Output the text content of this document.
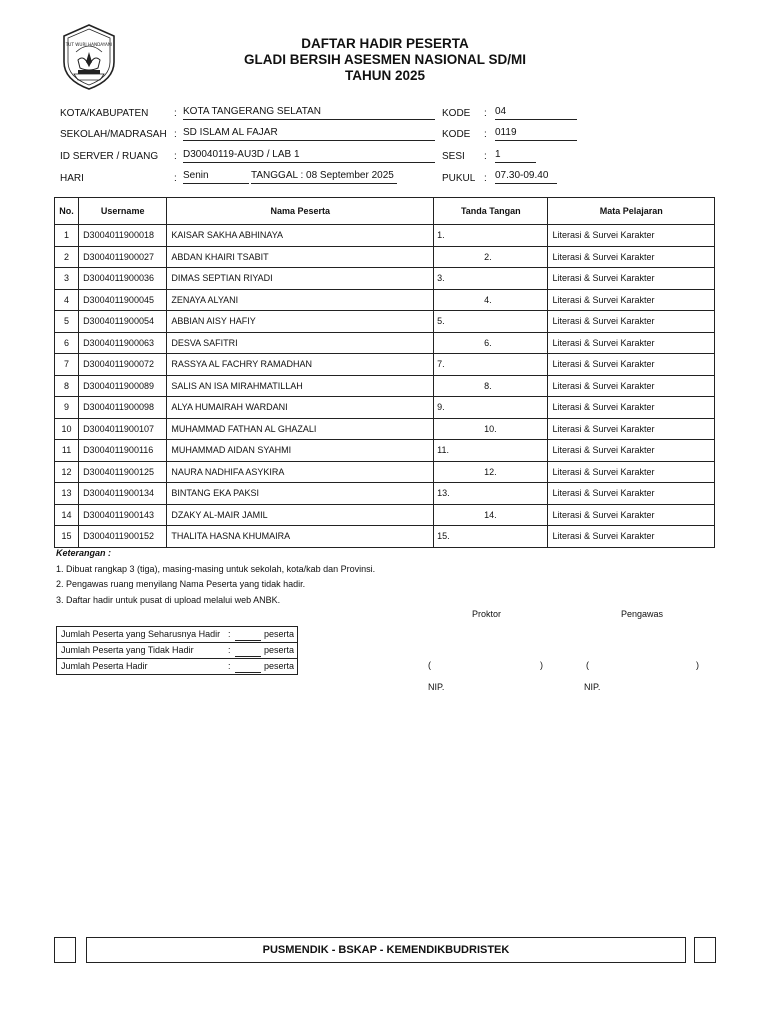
TUT WURI HANDAYANI	DAFTAR HADIR PESERTA
GLADI BERSIH ASESMEN NASIONAL SD/MI
TAHUN 2025
KOTA/KABUPATEN	: KOTA TANGERANG SELATAN
SEKOLAH/MADRASAH : SD ISLAM AL FAJAR
ID SERVER / RUANG : D30040119-AU3D / LAB 1
HARI	: Senin	TANGGAL : 08 September 2025
KODE : 04
KODE : 0119
SESI : 1
PUKUL : 07.30-09.40
No.	Username	Nama Peserta	Tanda Tangan	Mata Pelajaran
1	D3004011900018	KAISAR SAKHA ABHINAYA	1.	Literasi & Survei Karakter
2	D3004011900027	ABDAN KHAIRI TSABIT	2.	Literasi & Survei Karakter
3	D3004011900036	DIMAS SEPTIAN RIYADI	3.	Literasi & Survei Karakter
4	D3004011900045	ZENAYA ALYANI	4.	Literasi & Survei Karakter
5	D3004011900054	ABBIAN AISY HAFIY	5.	Literasi & Survei Karakter
6	D3004011900063	DESVA SAFITRI	6.	Literasi & Survei Karakter
7	D3004011900072	RASSYA AL FACHRY RAMADHAN	7.	Literasi & Survei Karakter
8	D3004011900089	SALIS AN ISA MIRAHMATILLAH	8.	Literasi & Survei Karakter
9	D3004011900098	ALYA HUMAIRAH WARDANI	9.	Literasi & Survei Karakter
10	D3004011900107	MUHAMMAD FATHAN AL GHAZALI	10.	Literasi & Survei Karakter
11	D3004011900116	MUHAMMAD AIDAN SYAHMI	11.	Literasi & Survei Karakter
12	D3004011900125	NAURA NADHIFA ASYKIRA	12.	Literasi & Survei Karakter
13	D3004011900134	BINTANG EKA PAKSI	13.	Literasi & Survei Karakter
14	D3004011900143	DZAKY AL-MAIR JAMIL	14.	Literasi & Survei Karakter
15	D3004011900152	THALITA HASNA KHUMAIRA	15.	Literasi & Survei Karakter
Keterangan :
1. Dibuat rangkap 3 (tiga), masing-masing untuk sekolah, kota/kab dan Provinsi.
2. Pengawas ruang menyilang Nama Peserta yang tidak hadir.
3. Daftar hadir untuk pusat di upload melalui web ANBK.
Jumlah Peserta yang Seharusnya Hadir :	peserta
Jumlah Peserta yang Tidak Hadir	:	peserta
Jumlah Peserta Hadir	:	peserta
Proktor	Pengawas
(	)	(	)
NIP.	NIP.
PUSMENDIK - BSKAP - KEMENDIKBUDRISTEK
